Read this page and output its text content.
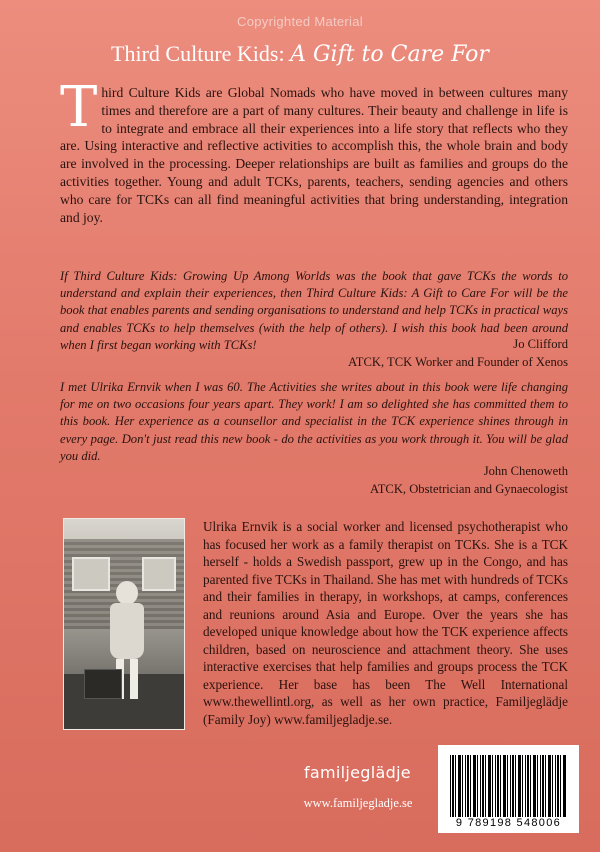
Copyrighted Material
Third Culture Kids: A Gift to Care For
T hird Culture Kids are Global Nomads who have moved in between cultures many times and therefore are a part of many cultures. Their beauty and challenge in life is to integrate and embrace all their experiences into a life story that reflects who they are. Using interactive and reflective activities to accomplish this, the whole brain and body are involved in the processing. Deeper relationships are built as families and groups do the activities together. Young and adult TCKs, parents, teachers, sending agencies and others who care for TCKs can all find meaningful activities that bring understanding, integration and joy.
If Third Culture Kids: Growing Up Among Worlds was the book that gave TCKs the words to understand and explain their experiences, then Third Culture Kids: A Gift to Care For will be the book that enables parents and sending organisations to understand and help TCKs in practical ways and enables TCKs to help themselves (with the help of others). I wish this book had been around when I first began working with TCKs!	Jo Clifford
ATCK, TCK Worker and Founder of Xenos
I met Ulrika Ernvik when I was 60. The Activities she writes about in this book were life changing for me on two occasions four years apart. They work! I am so delighted she has committed them to this book. Her experience as a counsellor and specialist in the TCK experience shines through in every page. Don't just read this new book - do the activities as you work through it. You will be glad you did.
John Chenoweth
ATCK, Obstetrician and Gynaecologist
Ulrika Ernvik is a social worker and licensed psychotherapist who has focused her work as a family therapist on TCKs. She is a TCK herself - holds a Swedish passport, grew up in the Congo, and has parented five TCKs in Thailand. She has met with hundreds of TCKs and their families in therapy, in workshops, at camps, conferences and reunions around Asia and Europe. Over the years she has developed unique knowledge about how the TCK experience affects children, based on neuroscience and attachment theory. She uses interactive exercises that help families and groups process the TCK experience. Her base has been The Well International www.thewellintl.org, as well as her own practice, Familjeglädje (Family Joy) www.familjegladje.se.
familjeglädje
www.familjegladje.se
9 789198 548006
